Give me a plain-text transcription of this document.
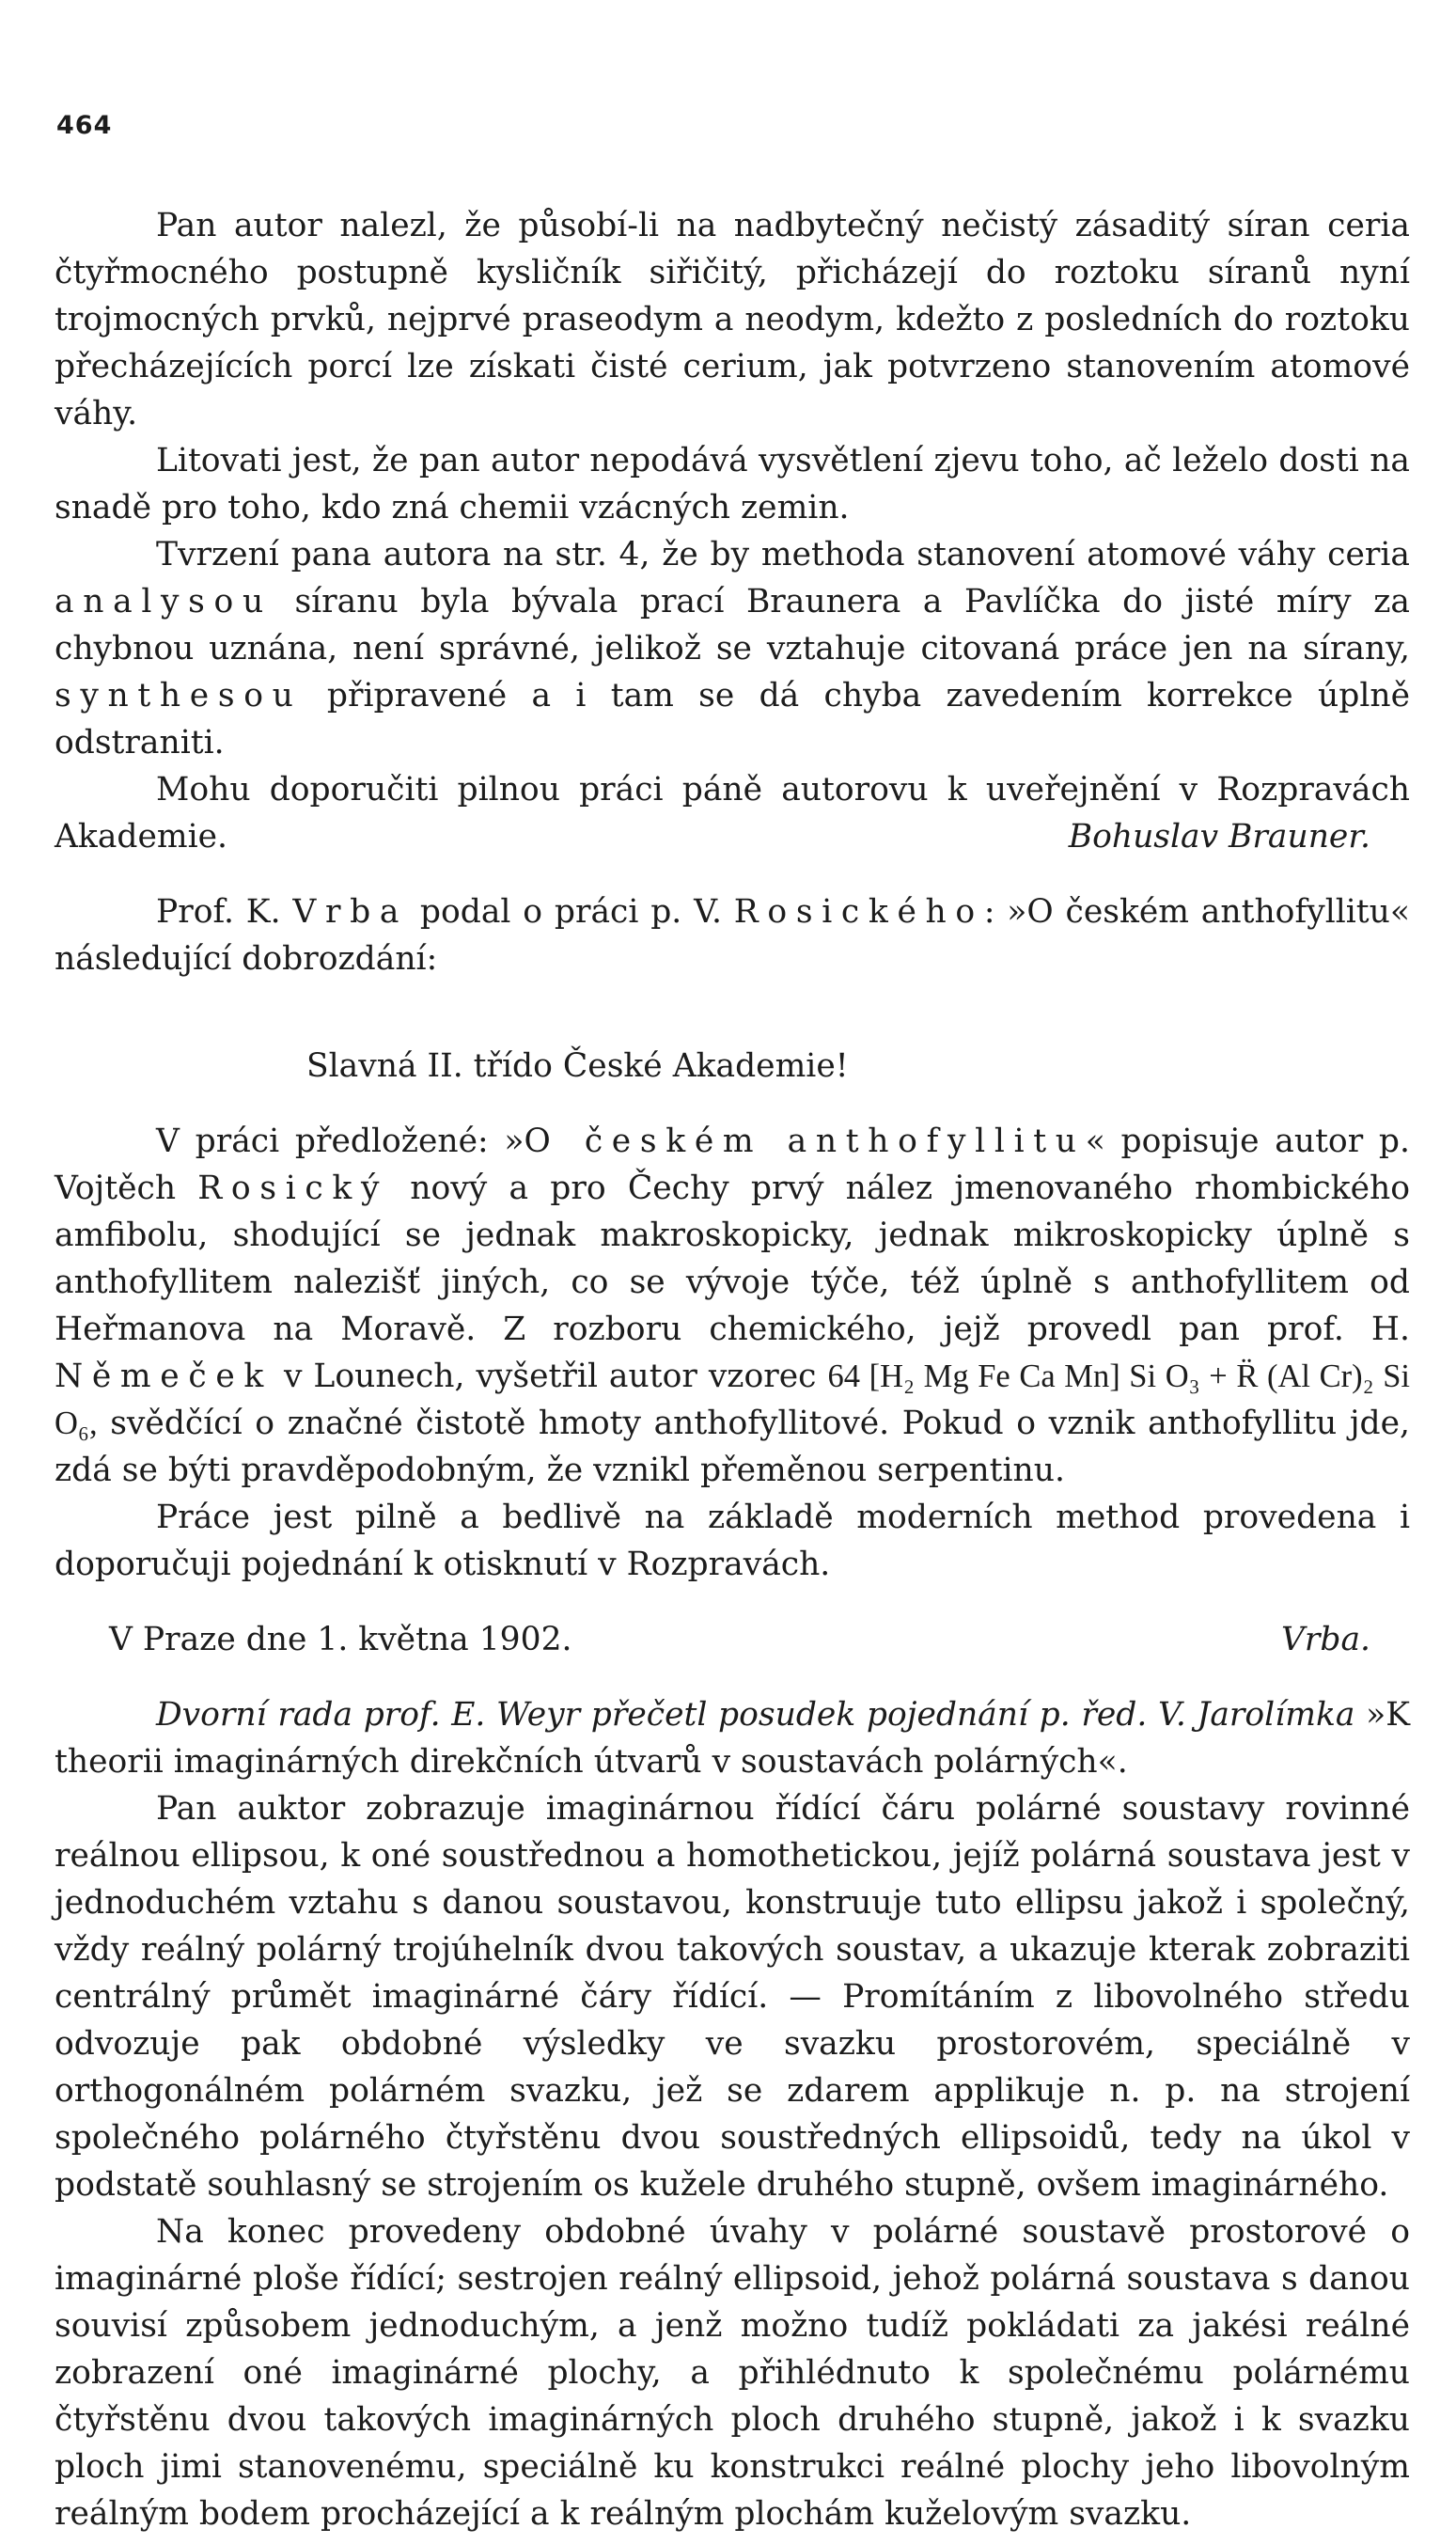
464

Pan autor nalezl, že působí-li na nadbytečný nečistý zásaditý síran ceria čtyřmocného postupně kysličník siřičitý, přicházejí do roztoku síranů nyní trojmocných prvků, nejprvé praseodym a neodym, kdežto z posledních do roztoku přecházejících porcí lze získati čisté cerium, jak potvrzeno stanovením atomové váhy.

Litovati jest, že pan autor nepodává vysvětlení zjevu toho, ač leželo dosti na snadě pro toho, kdo zná chemii vzácných zemin.

Tvrzení pana autora na str. 4, že by methoda stanovení atomové váhy ceria analysou síranu byla bývala prací Braunera a Pavlíčka do jisté míry za chybnou uznána, není správné, jelikož se vztahuje citovaná práce jen na sírany, synthesou připravené a i tam se dá chyba zavedením korrekce úplně odstraniti.

Mohu doporučiti pilnou práci páně autorovu k uveřejnění v Rozpravách Akademie.	Bohuslav Brauner.

Prof. K. Vrba podal o práci p. V. Rosického: »O českém anthofyllitu« následující dobrozdání:

Slavná II. třído České Akademie!

V práci předložené: »O českém anthofyllitu« popisuje autor p. Vojtěch Rosický nový a pro Čechy prvý nález jmenovaného rhombického amfibolu, shodující se jednak makroskopicky, jednak mikroskopicky úplně s anthofyllitem nalezišť jiných, co se vývoje týče, též úplně s anthofyllitem od Heřmanova na Moravě. Z rozboru chemického, jejž provedl pan prof. H. Němeček v Lounech, vyšetřil autor vzorec 64 [H₂ Mg Fe Ca Mn] Si O₃ + R̈ (Al Cr)₂ Si O₆, svědčící o značné čistotě hmoty anthofyllitové. Pokud o vznik anthofyllitu jde, zdá se býti pravděpodobným, že vznikl přeměnou serpentinu.

Práce jest pilně a bedlivě na základě moderních method provedena i doporučuji pojednání k otisknutí v Rozpravách.

V Praze dne 1. května 1902.	Vrba.

Dvorní rada prof. E. Weyr přečetl posudek pojednání p. řed. V. Jarolímka »K theorii imaginárných direkčních útvarů v soustavách polárných«.

Pan auktor zobrazuje imaginárnou řídící čáru polárné soustavy rovinné reálnou ellipsou, k oné soustřednou a homothetickou, jejíž polárná soustava jest v jednoduchém vztahu s danou soustavou, konstruuje tuto ellipsu jakož i společný, vždy reálný polárný trojúhelník dvou takových soustav, a ukazuje kterak zobraziti centrálný průmět imaginárné čáry řídící. — Promítáním z libovolného středu odvozuje pak obdobné výsledky ve svazku prostorovém, speciálně v orthogonálném polárném svazku, jež se zdarem applikuje n. p. na strojení společného polárného čtyřstěnu dvou soustředných ellipsoidů, tedy na úkol v podstatě souhlasný se strojením os kužele druhého stupně, ovšem imaginárného.

Na konec provedeny obdobné úvahy v polárné soustavě prostorové o imaginárné ploše řídící; sestrojen reálný ellipsoid, jehož polárná soustava s danou souvisí způsobem jednoduchým, a jenž možno tudíž pokládati za jakési reálné zobrazení oné imaginárné plochy, a přihlédnuto k společnému polárnému čtyřstěnu dvou takových imaginárných ploch druhého stupně, jakož i k svazku ploch jimi stanovenému, speciálně ku konstrukci reálné plochy jeho libovolným reálným bodem procházející a k reálným plochám kuželovým svazku.
